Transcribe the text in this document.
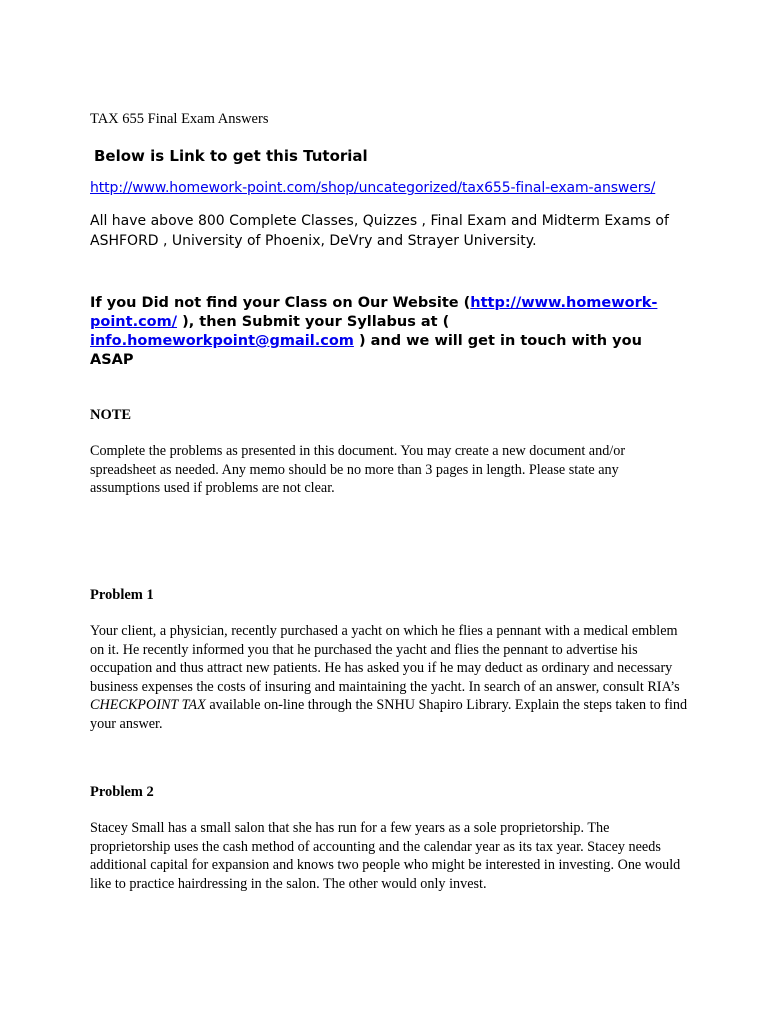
TAX 655 Final Exam Answers

Below is Link to get this Tutorial

http://www.homework-point.com/shop/uncategorized/tax655-final-exam-answers/

All have above 800 Complete Classes, Quizzes , Final Exam and Midterm Exams of ASHFORD , University of Phoenix, DeVry and Strayer University.

If you Did not find your Class on Our Website (http://www.homework-point.com/ ), then Submit your Syllabus at ( info.homeworkpoint@gmail.com ) and we will get in touch with you ASAP

NOTE

Complete the problems as presented in this document. You may create a new document and/or spreadsheet as needed. Any memo should be no more than 3 pages in length. Please state any assumptions used if problems are not clear.

Problem 1

Your client, a physician, recently purchased a yacht on which he flies a pennant with a medical emblem on it. He recently informed you that he purchased the yacht and flies the pennant to advertise his occupation and thus attract new patients. He has asked you if he may deduct as ordinary and necessary business expenses the costs of insuring and maintaining the yacht. In search of an answer, consult RIA’s CHECKPOINT TAX available on-line through the SNHU Shapiro Library. Explain the steps taken to find your answer.

Problem 2

Stacey Small has a small salon that she has run for a few years as a sole proprietorship. The proprietorship uses the cash method of accounting and the calendar year as its tax year. Stacey needs additional capital for expansion and knows two people who might be interested in investing. One would like to practice hairdressing in the salon. The other would only invest.
